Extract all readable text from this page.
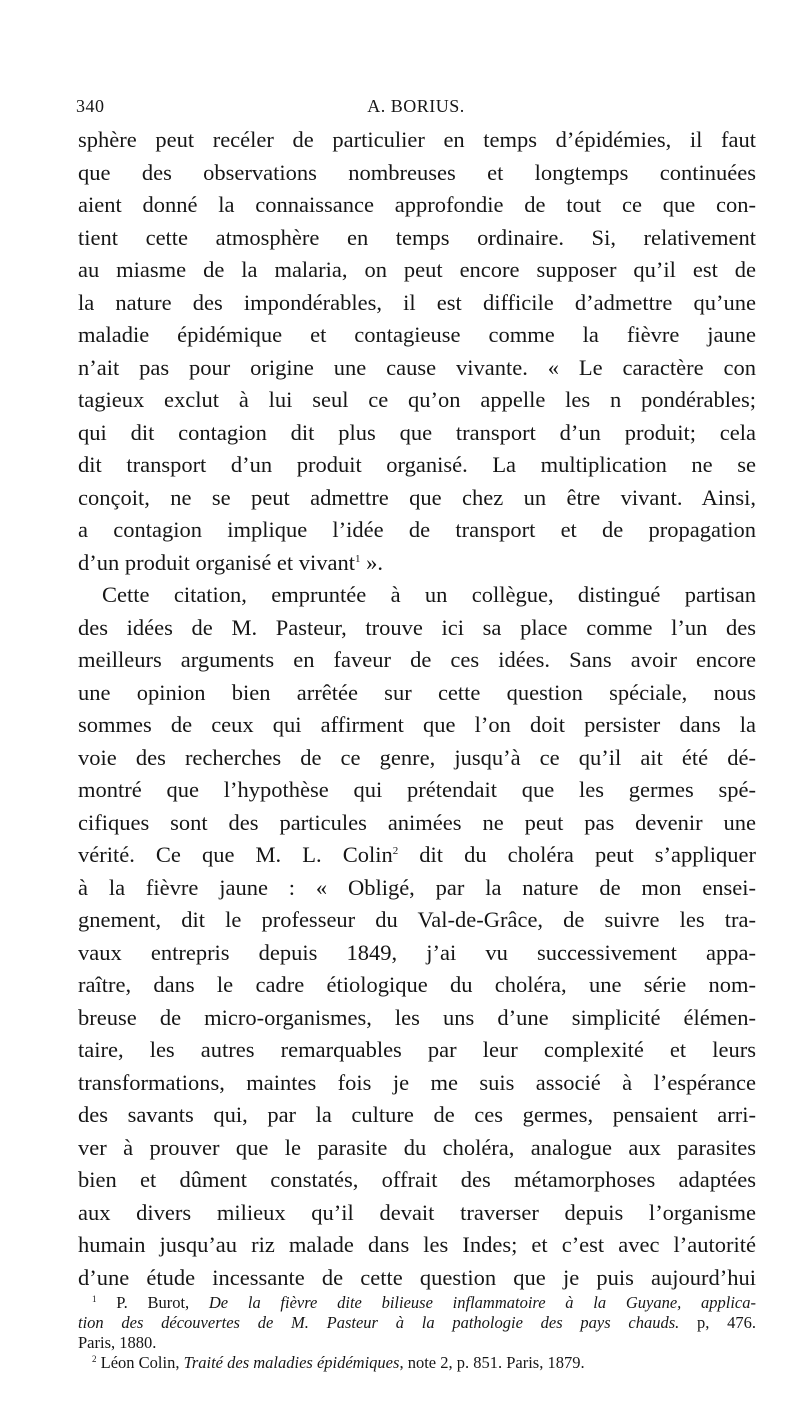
340	A. BORIUS.
sphère peut recéler de particulier en temps d’épidémies, il faut
que des observations nombreuses et longtemps continuées
aient donné la connaissance approfondie de tout ce que con-
tient cette atmosphère en temps ordinaire. Si, relativement
au miasme de la malaria, on peut encore supposer qu’il est de
la nature des impondérables, il est difficile d’admettre qu’une
maladie épidémique et contagieuse comme la fièvre jaune
n’ait pas pour origine une cause vivante. « Le caractère con
tagieux exclut à lui seul ce qu’on appelle les n pondérables;
qui dit contagion dit plus que transport d’un produit; cela
dit transport d’un produit organisé. La multiplication ne se
conçoit, ne se peut admettre que chez un être vivant. Ainsi,
a contagion implique l’idée de transport et de propagation
d’un produit organisé et vivant$^1$ ».
Cette citation, empruntée à un collègue, distingué partisan
des idées de M. Pasteur, trouve ici sa place comme l’un des
meilleurs arguments en faveur de ces idées. Sans avoir encore
une opinion bien arrêtée sur cette question spéciale, nous
sommes de ceux qui affirment que l’on doit persister dans la
voie des recherches de ce genre, jusqu’à ce qu’il ait été dé-
montré que l’hypothèse qui prétendait que les germes spé-
cifiques sont des particules animées ne peut pas devenir une
vérité. Ce que M. L. Colin$^2$ dit du choléra peut s’appliquer
à la fièvre jaune : « Obligé, par la nature de mon ensei-
gnement, dit le professeur du Val-de-Grâce, de suivre les tra-
vaux entrepris depuis 1849, j’ai vu successivement appa-
raître, dans le cadre étiologique du choléra, une série nom-
breuse de micro-organismes, les uns d’une simplicité élémen-
taire, les autres remarquables par leur complexité et leurs
transformations, maintes fois je me suis associé à l’espérance
des savants qui, par la culture de ces germes, pensaient arri-
ver à prouver que le parasite du choléra, analogue aux parasites
bien et dûment constatés, offrait des métamorphoses adaptées
aux divers milieux qu’il devait traverser depuis l’organisme
humain jusqu’au riz malade dans les Indes; et c’est avec l’autorité
d’une étude incessante de cette question que je puis aujourd’hui
$^1$ P. Burot, De la fièvre dite bilieuse inflammatoire à la Guyane, applica-
tion des découvertes de M. Pasteur à la pathologie des pays chauds. p, 476.
Paris, 1880.
$^2$ Léon Colin, Traité des maladies épidémiques, note 2, p. 851. Paris, 1879.
